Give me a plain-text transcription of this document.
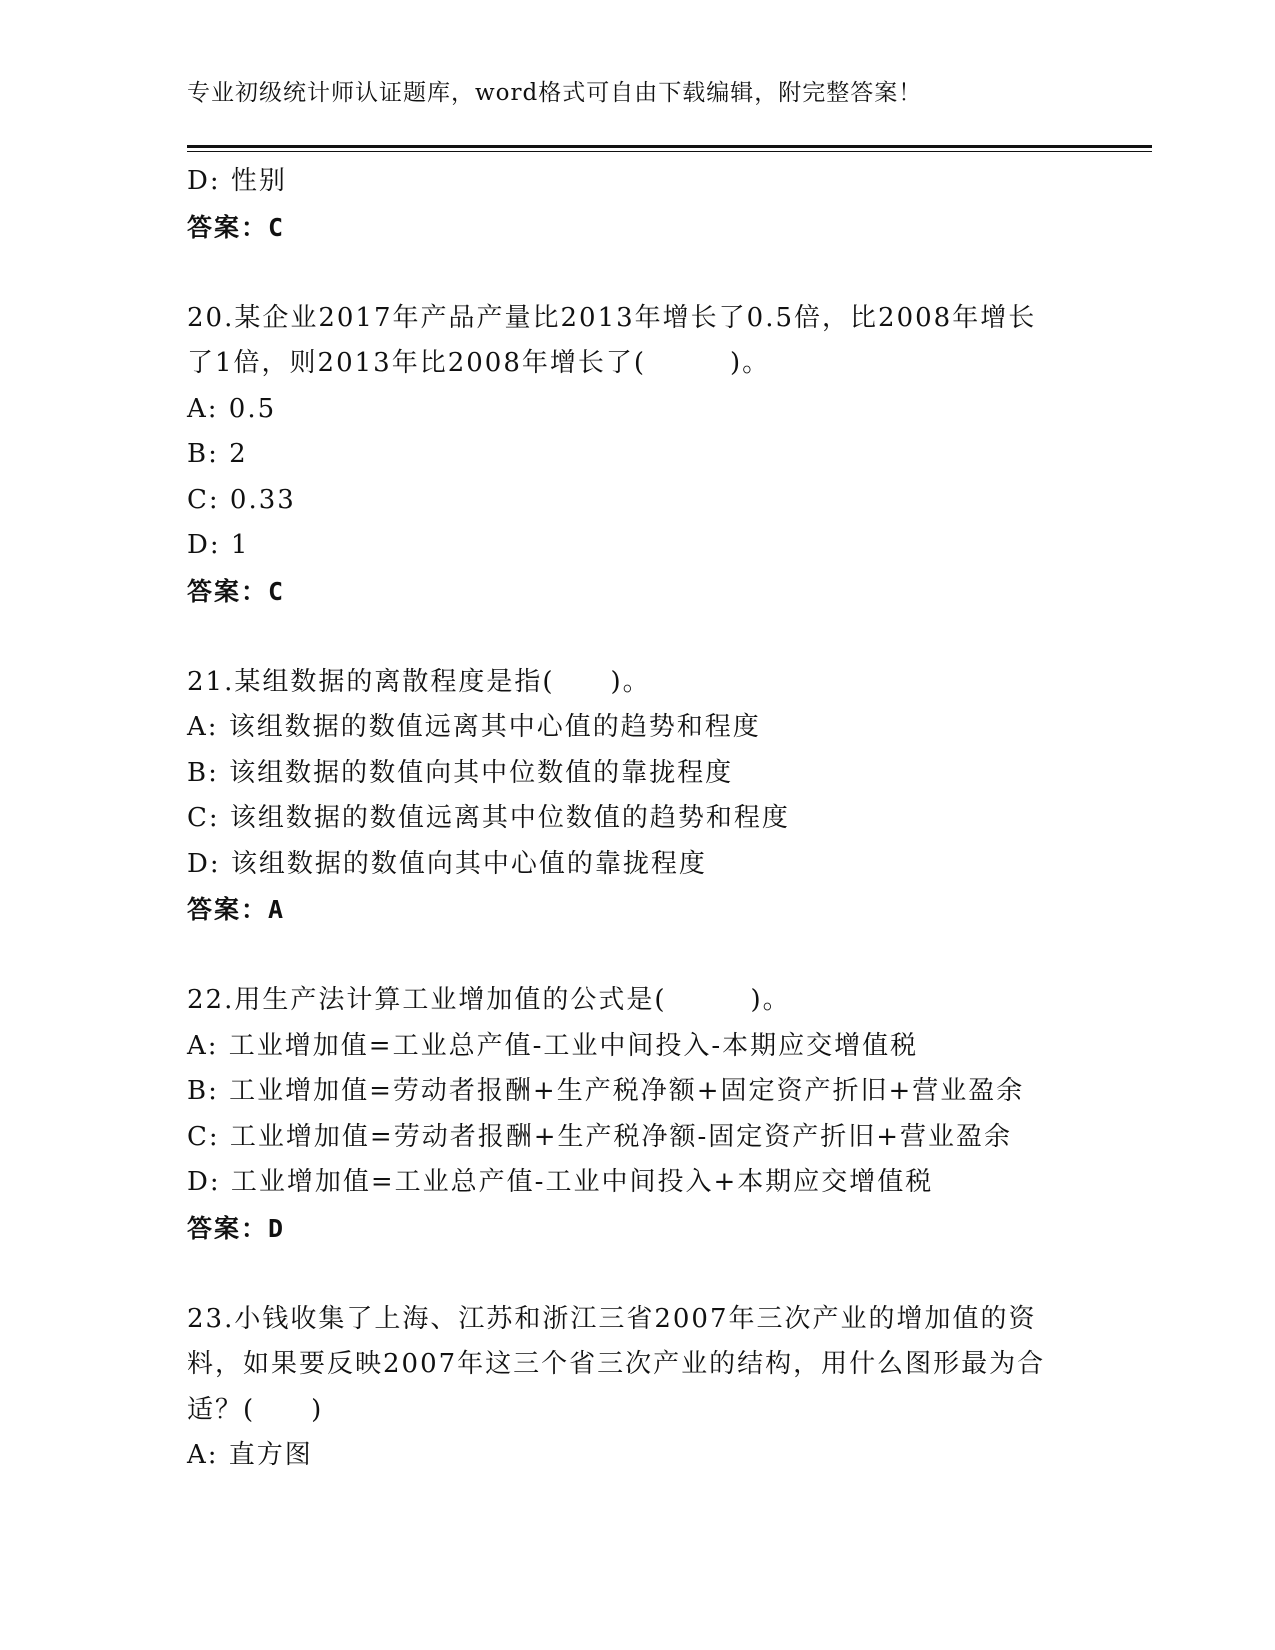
专业初级统计师认证题库，word格式可自由下载编辑，附完整答案！
D: 性别
答案：C
20.某企业2017年产品产量比2013年增长了0.5倍，比2008年增长
了1倍，则2013年比2008年增长了(　　　)。
A: 0.5
B: 2
C: 0.33
D: 1
答案：C
21.某组数据的离散程度是指(　　)。
A: 该组数据的数值远离其中心值的趋势和程度
B: 该组数据的数值向其中位数值的靠拢程度
C: 该组数据的数值远离其中位数值的趋势和程度
D: 该组数据的数值向其中心值的靠拢程度
答案：A
22.用生产法计算工业增加值的公式是(　　　)。
A: 工业增加值=工业总产值-工业中间投入-本期应交增值税
B: 工业增加值=劳动者报酬+生产税净额+固定资产折旧+营业盈余
C: 工业增加值=劳动者报酬+生产税净额-固定资产折旧+营业盈余
D: 工业增加值=工业总产值-工业中间投入+本期应交增值税
答案：D
23.小钱收集了上海、江苏和浙江三省2007年三次产业的增加值的资
料，如果要反映2007年这三个省三次产业的结构，用什么图形最为合
适？(　　)
A: 直方图
